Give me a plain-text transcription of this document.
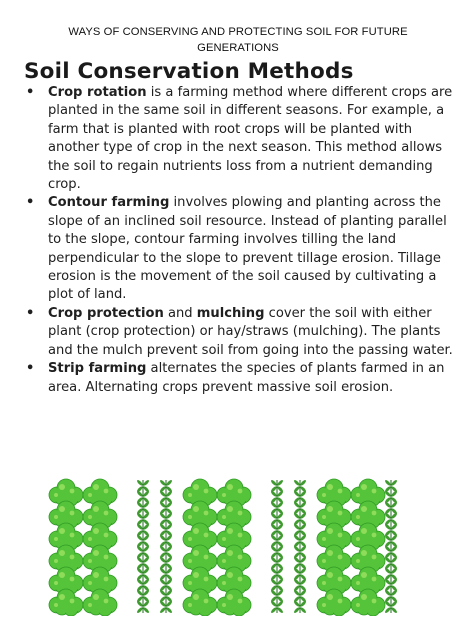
WAYS OF CONSERVING AND PROTECTING SOIL FOR FUTURE
GENERATIONS
Soil Conservation Methods
• Crop rotation is a farming method where different crops are planted in the same soil in different seasons. For example, a farm that is planted with root crops will be planted with another type of crop in the next season. This method allows the soil to regain nutrients loss from a nutrient demanding crop.
• Contour farming involves plowing and planting across the slope of an inclined soil resource. Instead of planting parallel to the slope, contour farming involves tilling the land perpendicular to the slope to prevent tillage erosion. Tillage erosion is the movement of the soil caused by cultivating a plot of land.
• Crop protection and mulching cover the soil with either plant (crop protection) or hay/straws (mulching). The plants and the mulch prevent soil from going into the passing water.
• Strip farming alternates the species of plants farmed in an area. Alternating crops prevent massive soil erosion.
